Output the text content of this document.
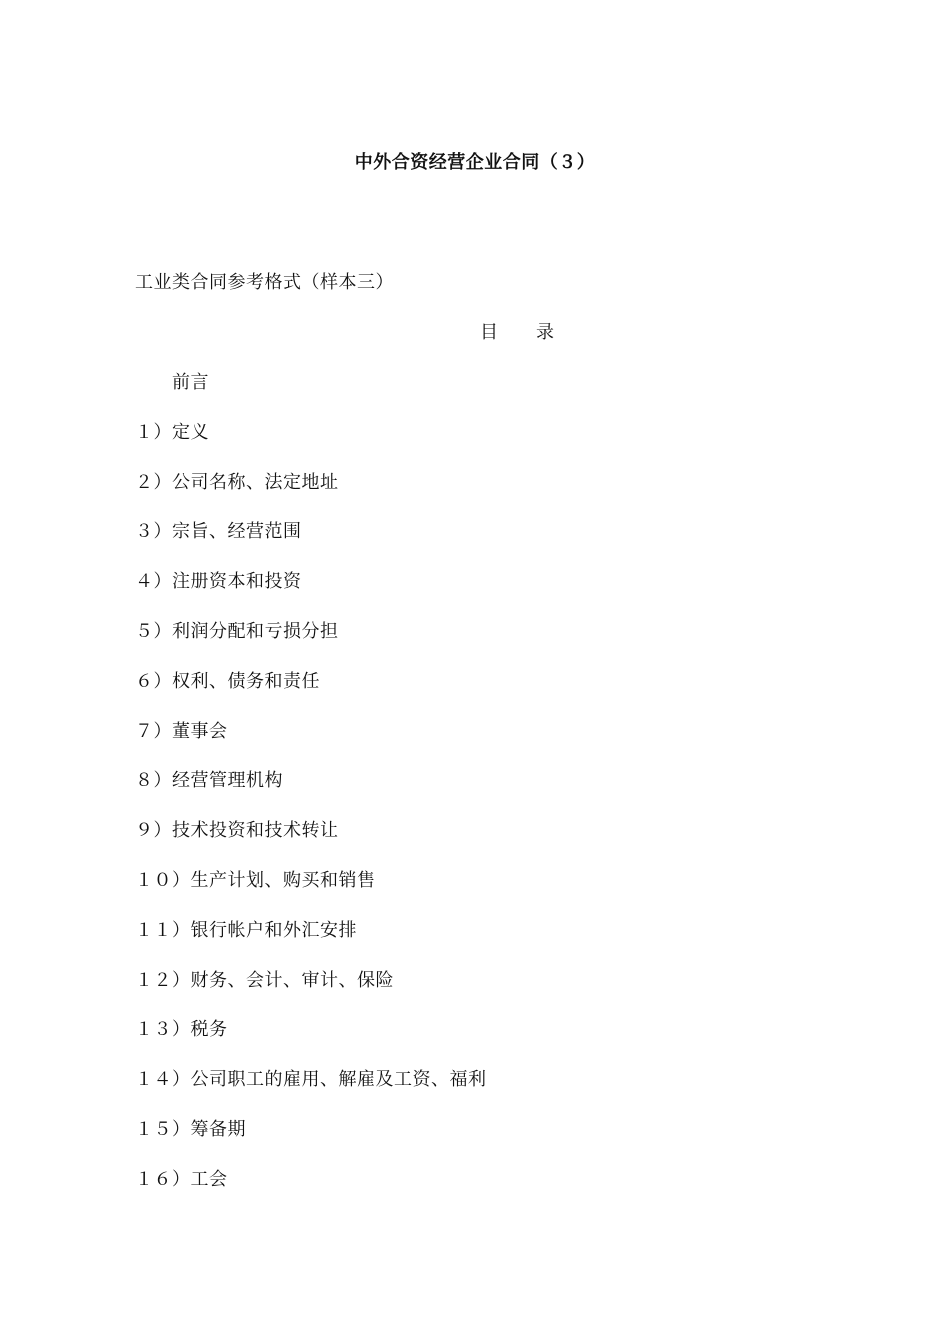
中外合资经营企业合同（３）
工业类合同参考格式（样本三）
目 录
前言
１）定义
２）公司名称、法定地址
３）宗旨、经营范围
４）注册资本和投资
５）利润分配和亏损分担
６）权利、债务和责任
７）董事会
８）经营管理机构
９）技术投资和技术转让
１０）生产计划、购买和销售
１１）银行帐户和外汇安排
１２）财务、会计、审计、保险
１３）税务
１４）公司职工的雇用、解雇及工资、福利
１５）筹备期
１６）工会
